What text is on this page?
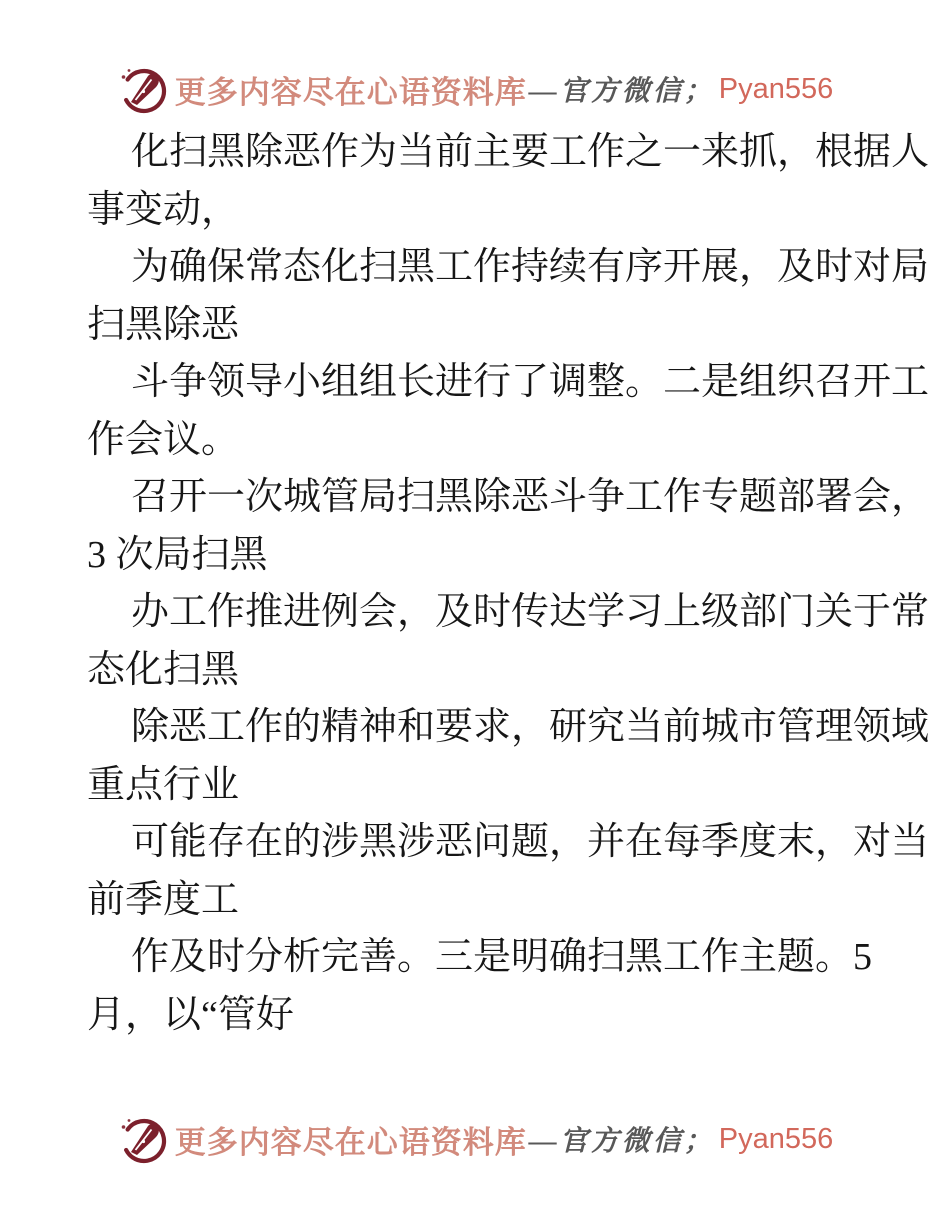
更多内容尽在心语资料库 —官方微信； Pyan556
化扫黑除恶作为当前主要工作之一来抓，根据人
事变动，
为确保常态化扫黑工作持续有序开展，及时对局
扫黑除恶
斗争领导小组组长进行了调整。二是组织召开工
作会议。
召开一次城管局扫黑除恶斗争工作专题部署会，
3 次局扫黑
办工作推进例会，及时传达学习上级部门关于常
态化扫黑
除恶工作的精神和要求，研究当前城市管理领域
重点行业
可能存在的涉黑涉恶问题，并在每季度末，对当
前季度工
作及时分析完善。三是明确扫黑工作主题。5
月，以“管好
更多内容尽在心语资料库 —官方微信； Pyan556
